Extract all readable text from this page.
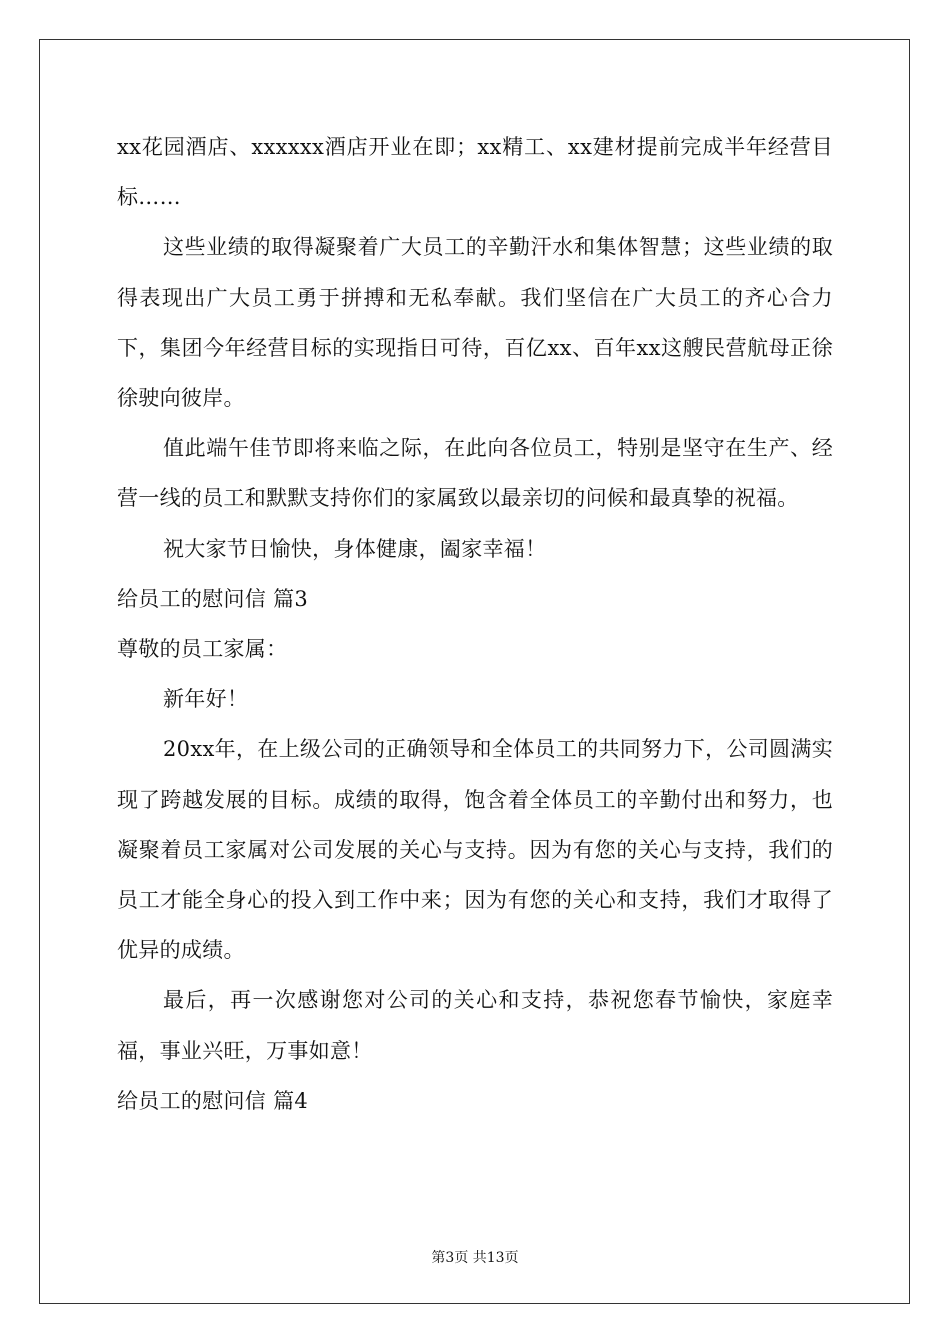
xx花园酒店、xxxxxx酒店开业在即；xx精工、xx建材提前完成半年经营目标……

这些业绩的取得凝聚着广大员工的辛勤汗水和集体智慧；这些业绩的取得表现出广大员工勇于拼搏和无私奉献。我们坚信在广大员工的齐心合力下，集团今年经营目标的实现指日可待，百亿xx、百年xx这艘民营航母正徐徐驶向彼岸。

值此端午佳节即将来临之际，在此向各位员工，特别是坚守在生产、经营一线的员工和默默支持你们的家属致以最亲切的问候和最真挚的祝福。

祝大家节日愉快，身体健康，阖家幸福！

给员工的慰问信 篇3

尊敬的员工家属：

新年好！

20xx年，在上级公司的正确领导和全体员工的共同努力下，公司圆满实现了跨越发展的目标。成绩的取得，饱含着全体员工的辛勤付出和努力，也凝聚着员工家属对公司发展的关心与支持。因为有您的关心与支持，我们的员工才能全身心的投入到工作中来；因为有您的关心和支持，我们才取得了优异的成绩。

最后，再一次感谢您对公司的关心和支持，恭祝您春节愉快，家庭幸福，事业兴旺，万事如意！

给员工的慰问信 篇4

第3页 共13页
